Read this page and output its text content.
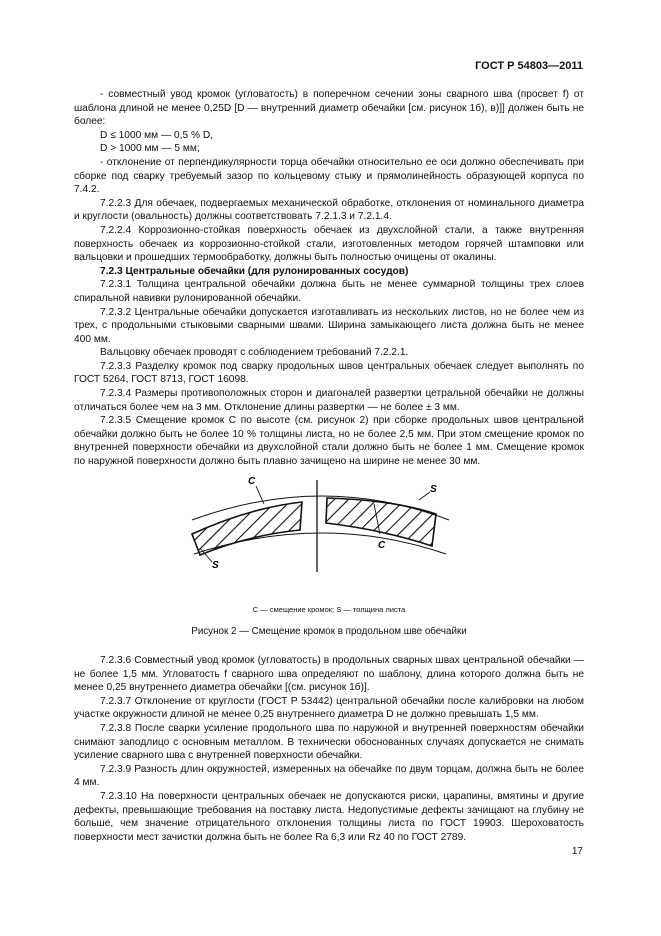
ГОСТ Р 54803—2011

- совместный увод кромок (угловатость) в поперечном сечении зоны сварного шва (просвет f) от шаблона длиной не менее 0,25D [D — внутренний диаметр обечайки [см. рисунок 1б), в)]] должен быть не более:

D ≤ 1000 мм — 0,5 % D,

D > 1000 мм — 5 мм;

- отклонение от перпендикулярности торца обечайки относительно ее оси должно обеспечивать при сборке под сварку требуемый зазор по кольцевому стыку и прямолинейность образующей корпуса по 7.4.2.

7.2.2.3 Для обечаек, подвергаемых механической обработке, отклонения от номинального диаметра и круглости (овальность) должны соответствовать 7.2.1.3 и 7.2.1.4.

7.2.2.4 Коррозионно-стойкая поверхность обечаек из двухслойной стали, а также внутренняя поверхность обечаек из коррозионно-стойкой стали, изготовленных методом горячей штамповки или вальцовки и прошедших термообработку, должны быть полностью очищены от окалины.

7.2.3 Центральные обечайки (для рулонированных сосудов)

7.2.3.1 Толщина центральной обечайки должна быть не менее суммарной толщины трех слоев спиральной навивки рулонированной обечайки.

7.2.3.2 Центральные обечайки допускается изготавливать из нескольких листов, но не более чем из трех, с продольными стыковыми сварными швами. Ширина замыкающего листа должна быть не менее 400 мм.

Вальцовку обечаек проводят с соблюдением требований 7.2.2.1.

7.2.3.3 Разделку кромок под сварку продольных швов центральных обечаек следует выполнять по ГОСТ 5264, ГОСТ 8713, ГОСТ 16098.

7.2.3.4 Размеры противоположных сторон и диагоналей развертки цетральной обечайки не должны отличаться более чем на 3 мм. Отклонение длины развертки — не более ± 3 мм.

7.2.3.5 Смещение кромок C по высоте (см. рисунок 2) при сборке продольных швов центральной обечайки должно быть не более 10 % толщины листа, но не более 2,5 мм. При этом смещение кромок по внутренней поверхности обечайки из двухслойной стали должно быть не более 1 мм. Смещение кромок по наружной поверхности должно быть плавно зачищено на ширине не менее 30 мм.

C
S
C
S
C — смещение кромок; S — толщина листа
Рисунок 2 — Смещение кромок в продольном шве обечайки

7.2.3.6 Совместный увод кромок (угловатость) в продольных сварных швах центральной обечайки — не более 1,5 мм. Угловатость f сварного шва определяют по шаблону, длина которого должна быть не менее 0,25 внутреннего диаметра обечайки [(см. рисунок 1б)].

7.2.3.7 Отклонение от круглости (ГОСТ Р 53442) центральной обечайки после калибровки на любом участке окружности длиной не менее 0,25 внутреннего диаметра D не должно превышать 1,5 мм.

7.2.3.8 После сварки усиление продольного шва по наружной и внутренней поверхностям обечайки снимают заподлицо с основным металлом. В технически обоснованных случаях допускается не снимать усиление сварного шва с внутренней поверхности обечайки.

7.2.3.9 Разность длин окружностей, измеренных на обечайке по двум торцам, должна быть не более 4 мм.

7.2.3.10 На поверхности центральных обечаек не допускаются риски, царапины, вмятины и другие дефекты, превышающие требования на поставку листа. Недопустимые дефекты зачищают на глубину не больше, чем значение отрицательного отклонения толщины листа по ГОСТ 19903. Шероховатость поверхности мест зачистки должна быть не более Ra 6,3 или Rz 40 по ГОСТ 2789.

17
